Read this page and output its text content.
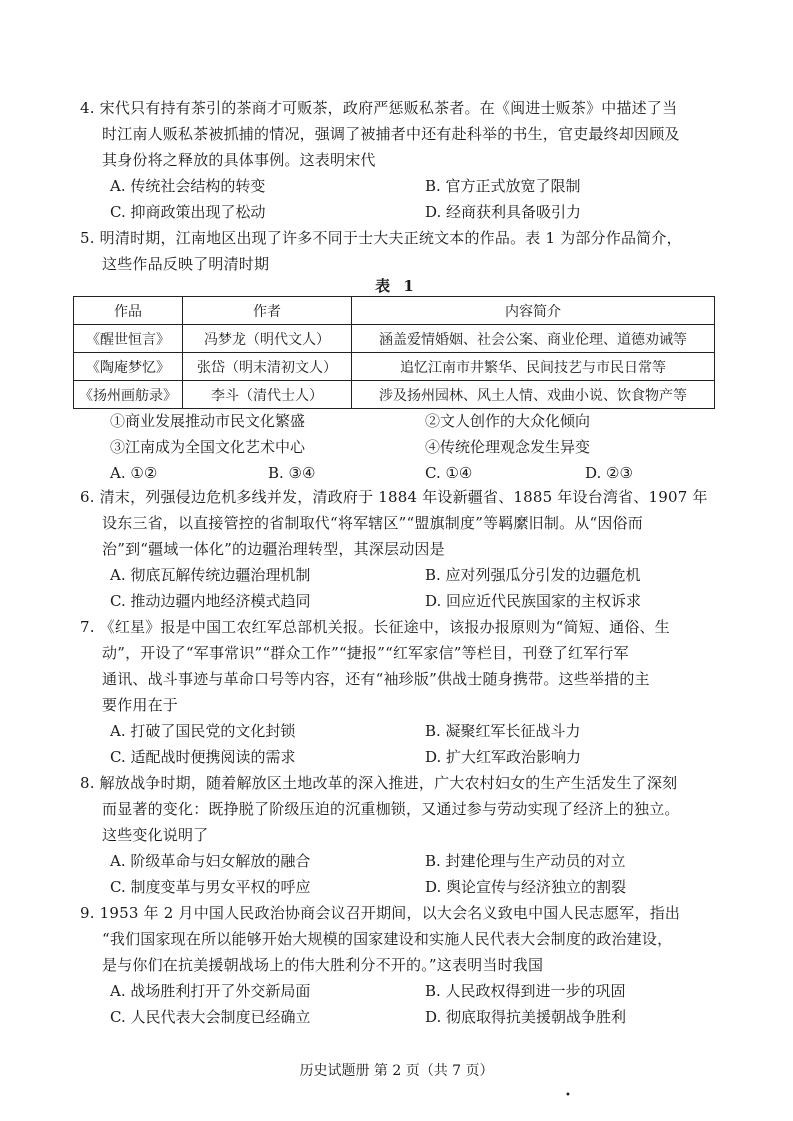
4. 宋代只有持有茶引的茶商才可贩茶，政府严惩贩私茶者。在《闽进士贩茶》中描述了当
时江南人贩私茶被抓捕的情况，强调了被捕者中还有赴科举的书生，官吏最终却因顾及
其身份将之释放的具体事例。这表明宋代
A. 传统社会结构的转变	B. 官方正式放宽了限制
C. 抑商政策出现了松动	D. 经商获利具备吸引力
5. 明清时期，江南地区出现了许多不同于士大夫正统文本的作品。表 1 为部分作品简介，
这些作品反映了明清时期
表 1
作品	作者	内容简介
《醒世恒言》	冯梦龙（明代文人）	涵盖爱情婚姻、社会公案、商业伦理、道德劝诫等
《陶庵梦忆》	张岱（明末清初文人）	追忆江南市井繁华、民间技艺与市民日常等
《扬州画舫录》	李斗（清代士人）	涉及扬州园林、风土人情、戏曲小说、饮食物产等
①商业发展推动市民文化繁盛	②文人创作的大众化倾向
③江南成为全国文化艺术中心	④传统伦理观念发生异变
A. ①②	B. ③④	C. ①④	D. ②③
6. 清末，列强侵边危机多线并发，清政府于 1884 年设新疆省、1885 年设台湾省、1907 年
设东三省，以直接管控的省制取代“将军辖区”“盟旗制度”等羁縻旧制。从“因俗而
治”到“疆域一体化”的边疆治理转型，其深层动因是
A. 彻底瓦解传统边疆治理机制	B. 应对列强瓜分引发的边疆危机
C. 推动边疆内地经济模式趋同	D. 回应近代民族国家的主权诉求
7. 《红星》报是中国工农红军总部机关报。长征途中，该报办报原则为“简短、通俗、生
动”，开设了“军事常识”“群众工作”“捷报”“红军家信”等栏目，刊登了红军行军
通讯、战斗事迹与革命口号等内容，还有“袖珍版”供战士随身携带。这些举措的主
要作用在于
A. 打破了国民党的文化封锁	B. 凝聚红军长征战斗力
C. 适配战时便携阅读的需求	D. 扩大红军政治影响力
8. 解放战争时期，随着解放区土地改革的深入推进，广大农村妇女的生产生活发生了深刻
而显著的变化：既挣脱了阶级压迫的沉重枷锁，又通过参与劳动实现了经济上的独立。
这些变化说明了
A. 阶级革命与妇女解放的融合	B. 封建伦理与生产动员的对立
C. 制度变革与男女平权的呼应	D. 舆论宣传与经济独立的割裂
9. 1953 年 2 月中国人民政治协商会议召开期间，以大会名义致电中国人民志愿军，指出
“我们国家现在所以能够开始大规模的国家建设和实施人民代表大会制度的政治建设，
是与你们在抗美援朝战场上的伟大胜利分不开的。”这表明当时我国
A. 战场胜利打开了外交新局面	B. 人民政权得到进一步的巩固
C. 人民代表大会制度已经确立	D. 彻底取得抗美援朝战争胜利
历史试题册 第 2 页（共 7 页）
•
